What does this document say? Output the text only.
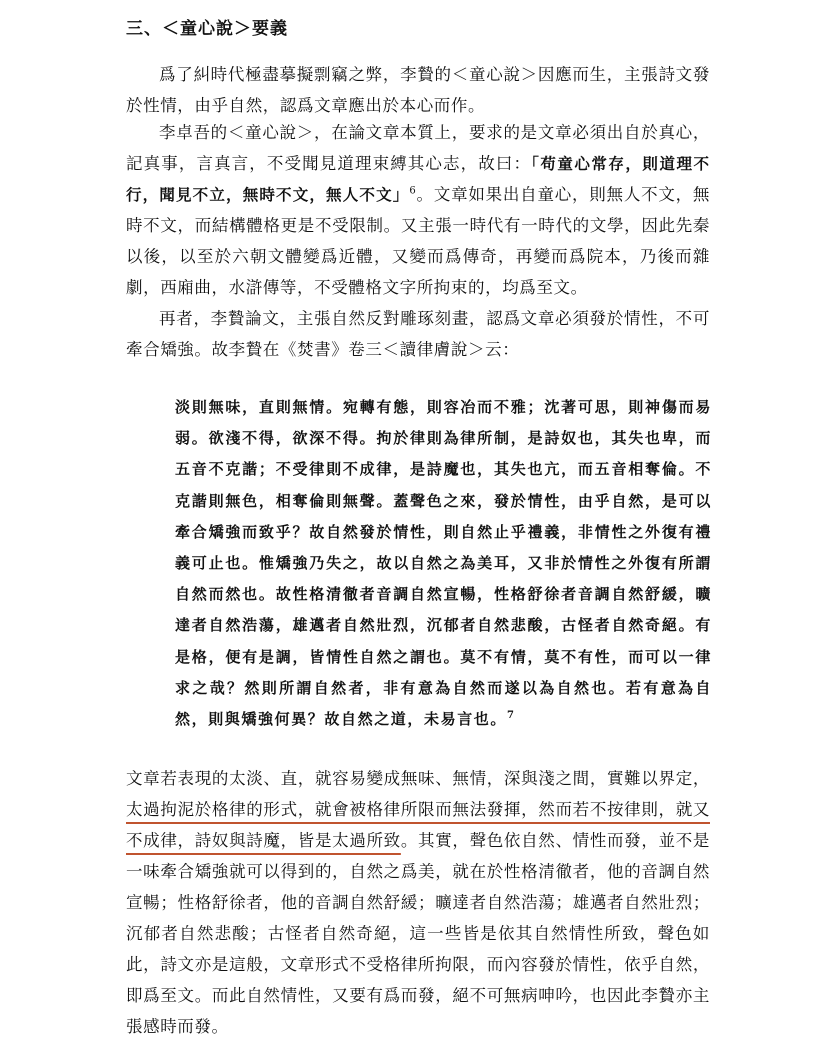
三、＜童心說＞要義

爲了糾時代極盡摹擬剽竊之弊，李贄的＜童心說＞因應而生，主張詩文發於性情，由乎自然，認爲文章應出於本心而作。

李卓吾的＜童心說＞，在論文章本質上，要求的是文章必須出自於真心，記真事，言真言，不受聞見道理束縛其心志，故曰：「苟童心常存，則道理不行，聞見不立，無時不文，無人不文」$^6$。文章如果出自童心，則無人不文，無時不文，而結構體格更是不受限制。又主張一時代有一時代的文學，因此先秦以後，以至於六朝文體變爲近體，又變而爲傳奇，再變而爲院本，乃後而雜劇，西廂曲，水滸傳等，不受體格文字所拘束的，均爲至文。

再者，李贄論文，主張自然反對雕琢刻畫，認爲文章必須發於情性，不可牽合矯強。故李贄在《焚書》卷三＜讀律膚說＞云：

淡則無味，直則無情。宛轉有態，則容冶而不雅；沈著可思，則神傷而易弱。欲淺不得，欲深不得。拘於律則為律所制，是詩奴也，其失也卑，而五音不克諧；不受律則不成律，是詩魔也，其失也亢，而五音相奪倫。不克諧則無色，相奪倫則無聲。蓋聲色之來，發於情性，由乎自然，是可以牽合矯強而致乎？故自然發於情性，則自然止乎禮義，非情性之外復有禮義可止也。惟矯強乃失之，故以自然之為美耳，又非於情性之外復有所謂自然而然也。故性格清徹者音調自然宣暢，性格舒徐者音調自然舒緩，曠達者自然浩蕩，雄邁者自然壯烈，沉郁者自然悲酸，古怪者自然奇絕。有是格，便有是調，皆情性自然之謂也。莫不有情，莫不有性，而可以一律求之哉？然則所謂自然者，非有意為自然而遂以為自然也。若有意為自然，則與矯強何異？故自然之道，未易言也。$^7$

文章若表現的太淡、直，就容易變成無味、無情，深與淺之間，實難以界定，太過拘泥於格律的形式，就會被格律所限而無法發揮，然而若不按律則，就又不成律，詩奴與詩魔，皆是太過所致。其實，聲色依自然、情性而發，並不是一味牽合矯強就可以得到的，自然之爲美，就在於性格清徹者，他的音調自然宣暢；性格舒徐者，他的音調自然舒緩；曠達者自然浩蕩；雄邁者自然壯烈；沉郁者自然悲酸；古怪者自然奇絕，這一些皆是依其自然情性所致，聲色如此，詩文亦是這般，文章形式不受格律所拘限，而內容發於情性，依乎自然，即爲至文。而此自然情性，又要有爲而發，絕不可無病呻吟，也因此李贄亦主張感時而發。
